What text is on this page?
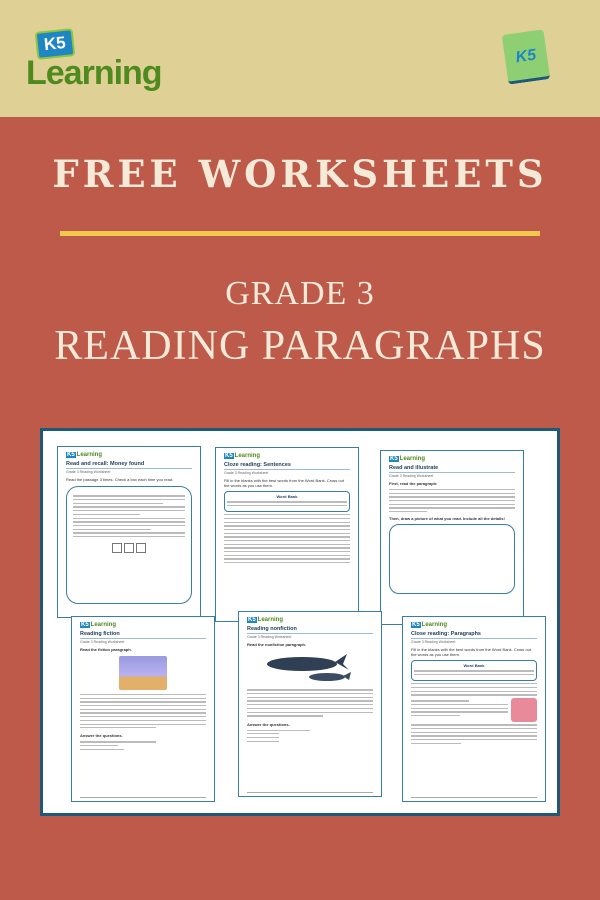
K5
Learning	K5
FREE WORKSHEETS
GRADE 3
READING PARAGRAPHS
K5 Learning
Read and recall: Money found
Grade 3 Reading Worksheet
Read the passage 3 times. Check a box each time you read.
K5 Learning
Cloze reading: Sentences
Grade 3 Reading Worksheet
Fill in the blanks with the best words from the Word Bank. Cross out the words as you use them.
Word Bank
K5 Learning
Read and illustrate
Grade 3 Reading Worksheet
First, read the paragraph:
Then, draw a picture of what you read. Include all the details!
K5 Learning
Reading fiction
Grade 3 Reading Worksheet
Read the fiction paragraph.
Answer the questions.
K5 Learning
Reading nonfiction
Grade 3 Reading Worksheet
Read the nonfiction paragraph.
Answer the questions.
K5 Learning
Close reading: Paragraphs
Grade 3 Reading Worksheet
Fill in the blanks with the best words from the Word Bank. Cross out the words as you use them.
Word Bank
